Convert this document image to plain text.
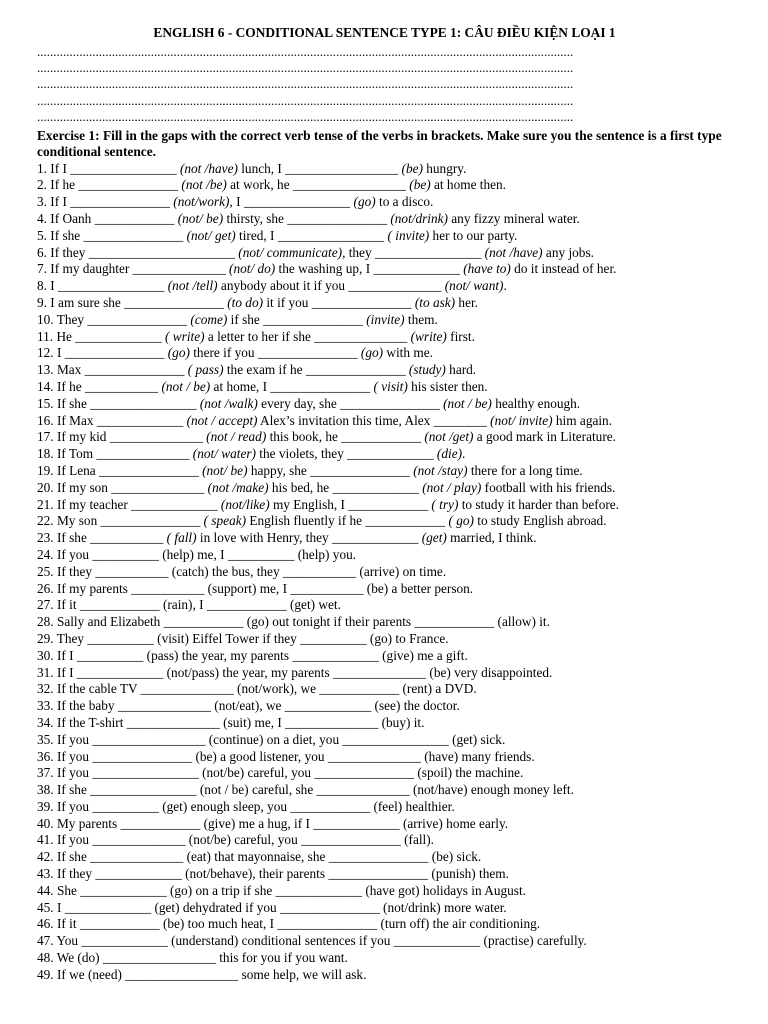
ENGLISH 6 - CONDITIONAL SENTENCE TYPE 1: CÂU ĐIỀU KIỆN LOẠI 1
.....................................................................................................................................................................
.....................................................................................................................................................................
.....................................................................................................................................................................
.....................................................................................................................................................................
.....................................................................................................................................................................
Exercise 1: Fill in the gaps with the correct verb tense of the verbs in brackets. Make sure you the sentence is a first type conditional sentence.
1. If I ________________ (not /have) lunch, I _________________ (be) hungry.
2. If he _______________ (not /be) at work, he _________________ (be) at home then.
3. If I _______________ (not/work), I ________________ (go) to a disco.
4. If Oanh ____________ (not/ be) thirsty, she _______________ (not/drink) any fizzy mineral water.
5. If she _______________ (not/ get) tired, I ________________ ( invite) her to our party.
6. If they ______________________ (not/ communicate), they ________________ (not /have) any jobs.
7. If my daughter ______________ (not/ do) the washing up, I _____________ (have to) do it instead of her.
8. I ________________ (not /tell) anybody about it if you ______________ (not/ want).
9. I am sure she _______________ (to do) it if you _______________ (to ask) her.
10. They _______________ (come) if she _______________ (invite) them.
11. He _____________ ( write) a letter to her if she ______________ (write) first.
12. I _______________ (go) there if you _______________ (go) with me.
13. Max _______________ ( pass) the exam if he _______________ (study) hard.
14. If he ___________ (not / be) at home, I _______________ ( visit) his sister then.
15. If she ________________ (not /walk) every day, she _______________ (not / be) healthy enough.
16. If Max _____________ (not / accept) Alex’s invitation this time, Alex ________ (not/ invite) him again.
17. If my kid ______________ (not / read) this book, he ____________ (not /get) a good mark in Literature.
18. If Tom ______________ (not/ water) the violets, they _____________ (die).
19. If Lena _______________ (not/ be) happy, she _______________ (not /stay) there for a long time.
20. If my son ______________ (not /make) his bed, he _____________ (not / play) football with his friends.
21. If my teacher _____________ (not/like) my English, I ____________ ( try) to study it harder than before.
22. My son _______________ ( speak) English fluently if he ____________ ( go) to study English abroad.
23. If she ___________ ( fall) in love with Henry, they _____________ (get) married, I think.
24. If you __________ (help) me, I __________ (help) you.
25. If they ___________ (catch) the bus, they ___________ (arrive) on time.
26. If my parents ___________ (support) me, I ___________ (be) a better person.
27. If it ____________ (rain), I ____________ (get) wet.
28. Sally and Elizabeth ____________ (go) out tonight if their parents ____________ (allow) it.
29. They __________ (visit) Eiffel Tower if they __________ (go) to France.
30. If I __________ (pass) the year, my parents _____________ (give) me a gift.
31. If I _____________ (not/pass) the year, my parents ______________ (be) very disappointed.
32. If the cable TV ______________ (not/work), we ____________ (rent) a DVD.
33. If the baby ______________ (not/eat), we _____________ (see) the doctor.
34. If the T-shirt ______________ (suit) me, I ______________ (buy) it.
35. If you _________________ (continue) on a diet, you ________________ (get) sick.
36. If you _______________ (be) a good listener, you ______________ (have) many friends.
37. If you ________________ (not/be) careful, you _______________ (spoil) the machine.
38. If she ________________ (not / be) careful, she ______________ (not/have) enough money left.
39. If you __________ (get) enough sleep, you ____________ (feel) healthier.
40. My parents ____________ (give) me a hug, if I _____________ (arrive) home early.
41. If you ______________ (not/be) careful, you _______________ (fall).
42. If she ______________ (eat) that mayonnaise, she _______________ (be) sick.
43. If they _____________ (not/behave), their parents _______________ (punish) them.
44. She _____________ (go) on a trip if she _____________ (have got) holidays in August.
45. I _____________ (get) dehydrated if you _______________ (not/drink) more water.
46. If it ____________ (be) too much heat, I _______________ (turn off) the air conditioning.
47. You _____________ (understand) conditional sentences if you _____________ (practise) carefully.
48. We (do) _________________ this for you if you want.
49. If we (need) _________________ some help, we will ask.
